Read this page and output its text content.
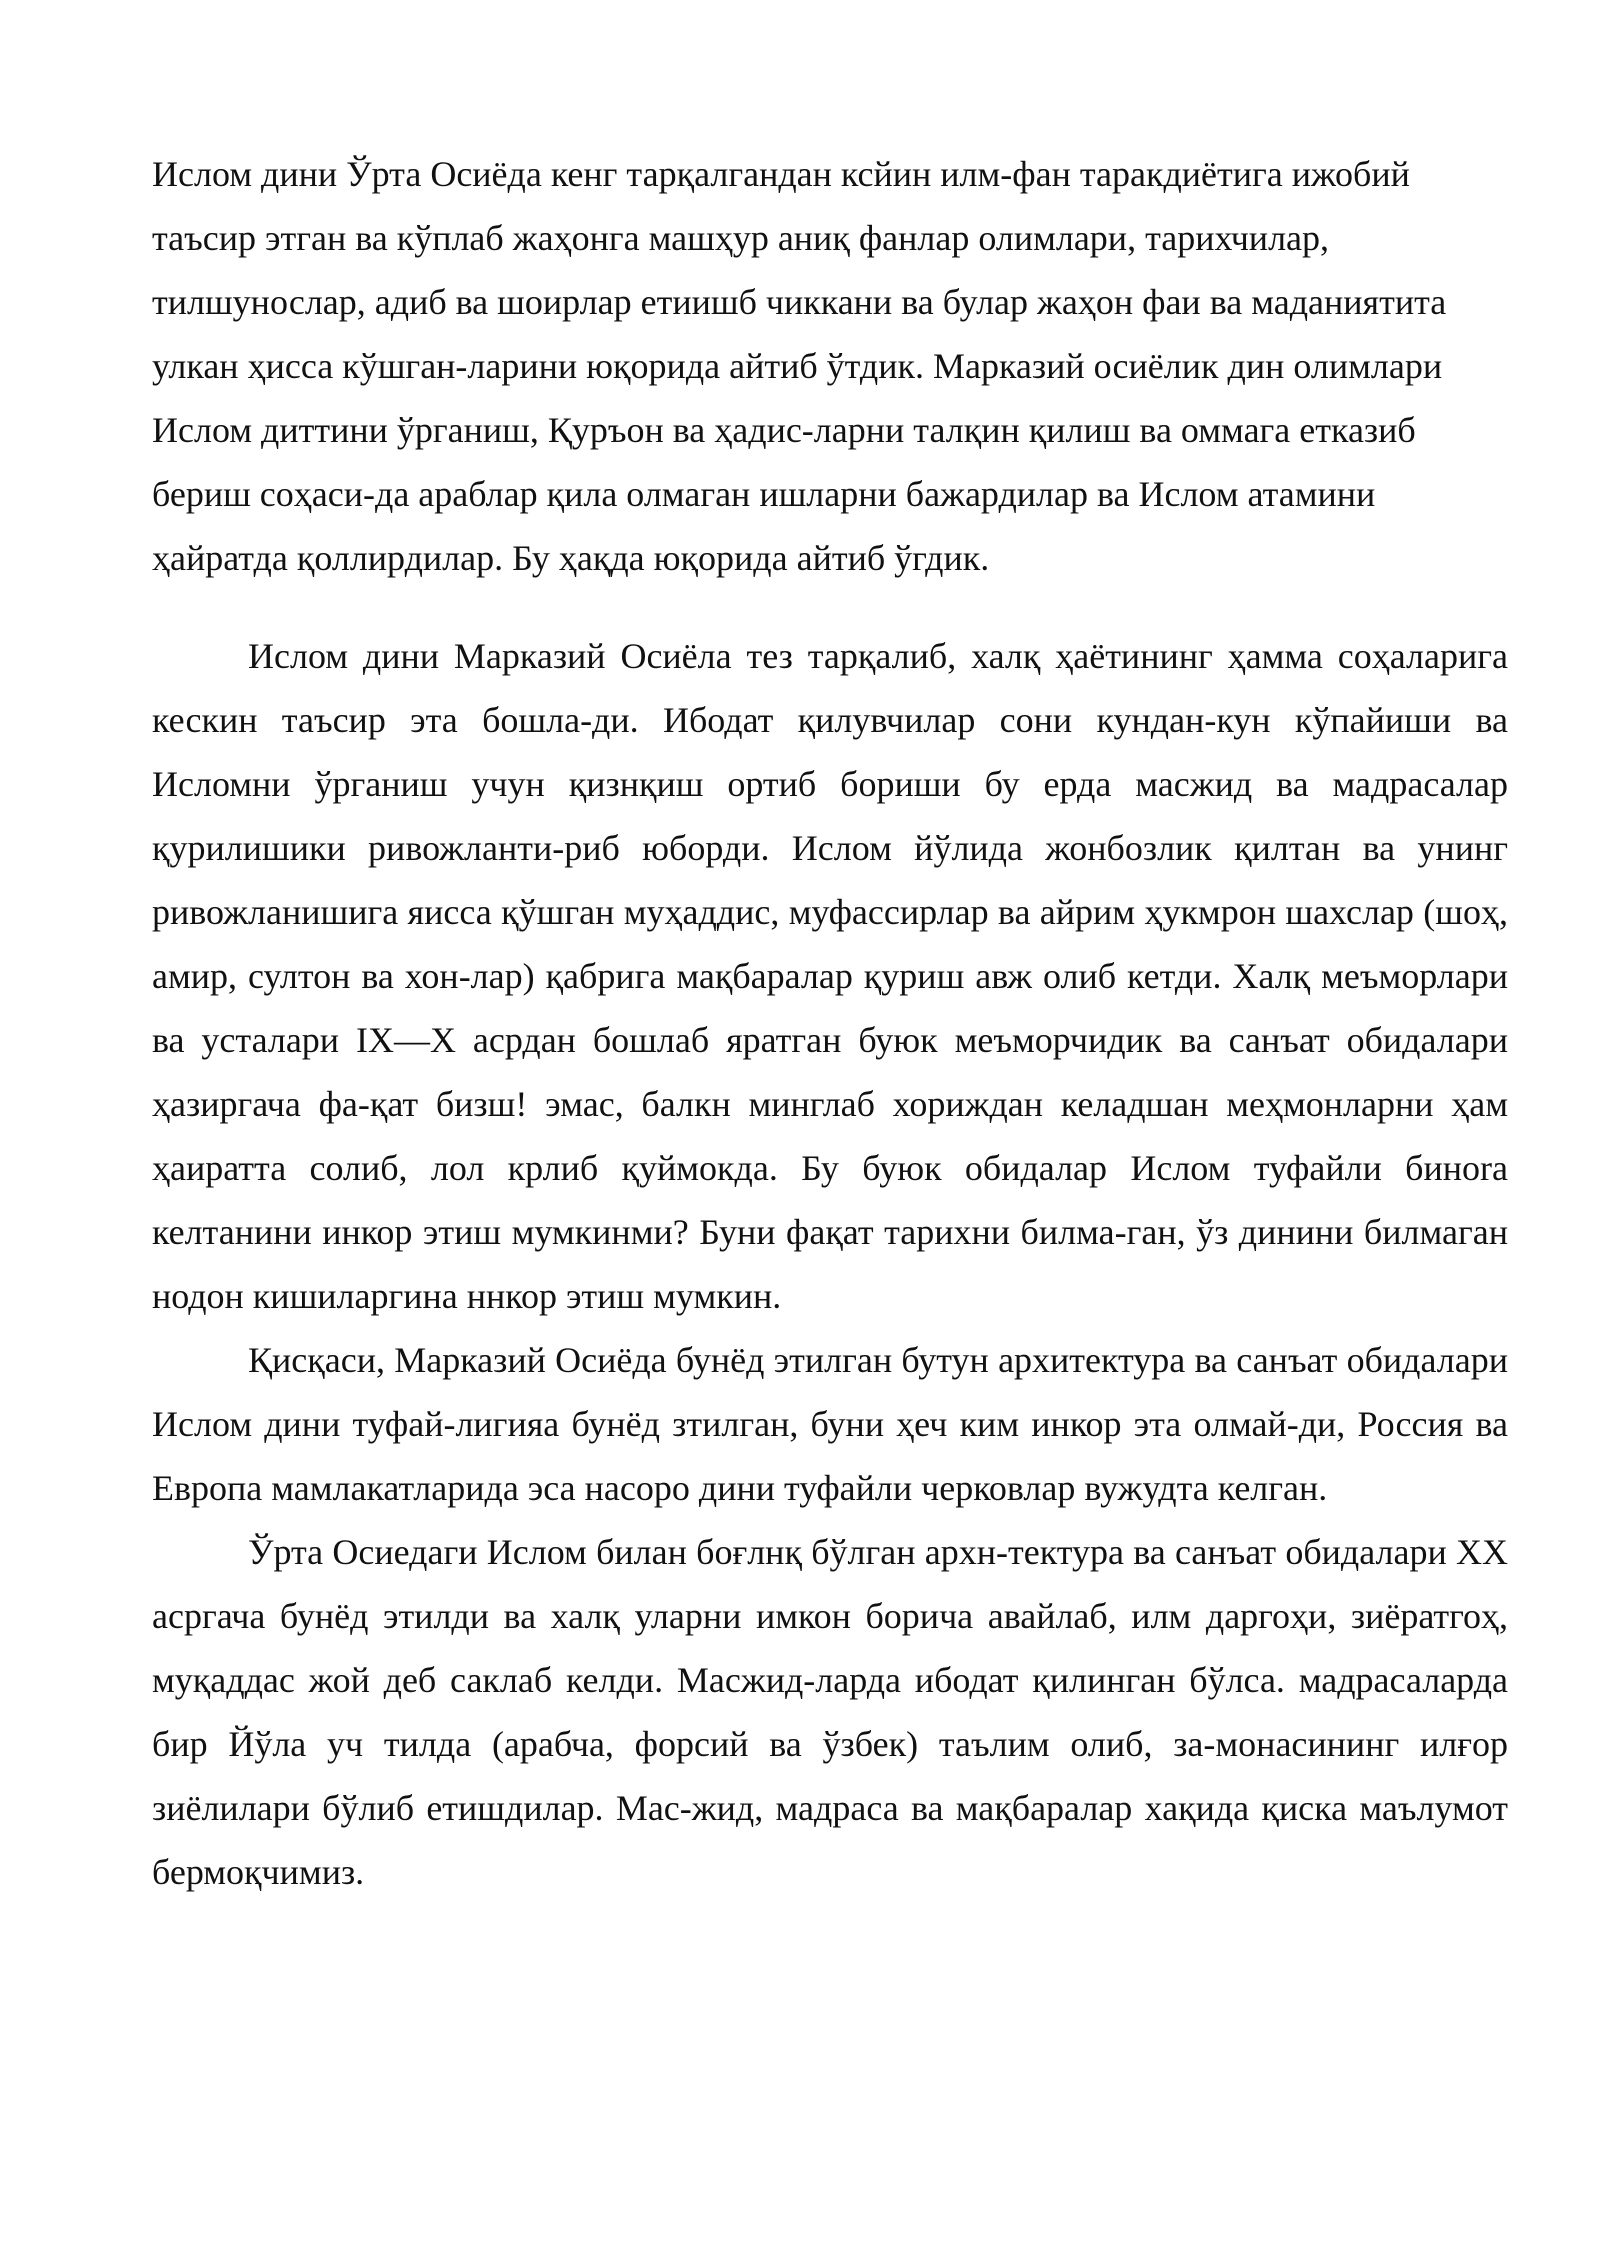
Ислом дини Ўрта Осиёда кенг тарқалгандан ксйин илм-фан таракдиётига ижобий таъсир этган ва кўплаб жаҳонга машҳур аниқ фанлар олимлари, тарихчилар, тилшунослар, адиб ва шоирлар етиишб чиккани ва булар жаҳон фаи ва маданиятита улкан ҳисса кўшган-ларини юқорида айтиб ўтдик. Марказий осиёлик дин олимлари Ислом диттини ўрганиш, Қуръон ва ҳадис-ларни талқин қилиш ва оммага етказиб бериш соҳаси-да араблар қила олмаган ишларни бажардилар ва Ислом атамини ҳайратда қоллирдилар. Бу ҳақда юқорида айтиб ўгдик.

Ислом дини Марказий Осиёла тез тарқалиб, халқ ҳаётининг ҳамма соҳаларига кескин таъсир эта бошла-ди. Ибодат қилувчилар сони кундан-кун кўпайиши ва Исломни ўрганиш учун қизнқиш ортиб бориши бу ерда масжид ва мадрасалар қурилишики ривожланти-риб юборди. Ислом йўлида жонбозлик қилтан ва унинг ривожланишига яисса қўшган муҳаддис, муфассирлар ва айрим ҳукмрон шахслар (шоҳ, амир, султон ва хон-лар) қабрига мақбаралар қуриш авж олиб кетди. Халқ меъморлари ва усталари IX—X асрдан бошлаб яратган буюк меъморчидик ва санъат обидалари ҳазиргача фа-қат бизш! эмас, балкн минглаб хориждан келадшан меҳмонларни ҳам ҳаиратта солиб, лол крлиб қуймокда. Бу буюк обидалар Ислом туфайли биноrа келтанини инкор этиш мумкинми? Буни фақат тарихни билма-ган, ўз динини билмаган нодон кишиларгина ннкор этиш мумкин.

Қисқаси, Марказий Осиёда бунёд этилган бутун архитектура ва санъат обидалари Ислом дини туфай-лигияа бунёд зтилган, буни ҳеч ким инкор эта олмай-ди, Россия ва Европа мамлакатларида эса насоро дини туфайли черковлар вужудта келган.

Ўрта Осиедаги Ислом билан боғлнқ бўлган архн-тектура ва санъат обидалари XX асргача бунёд этилди ва халқ уларни имкон борича авайлаб, илм даргоҳи, зиёратгоҳ, муқаддас жой деб саклаб келди. Масжид-ларда ибодат қилинган бўлса. мадрасаларда бир Йўла уч тилда (арабча, форсий ва ўзбек) таълим олиб, за-монасининг илғор зиёлилари бўлиб етишдилар. Мас-жид, мадраса ва мақбаралар хақида қиска маълумот бермоқчимиз.
